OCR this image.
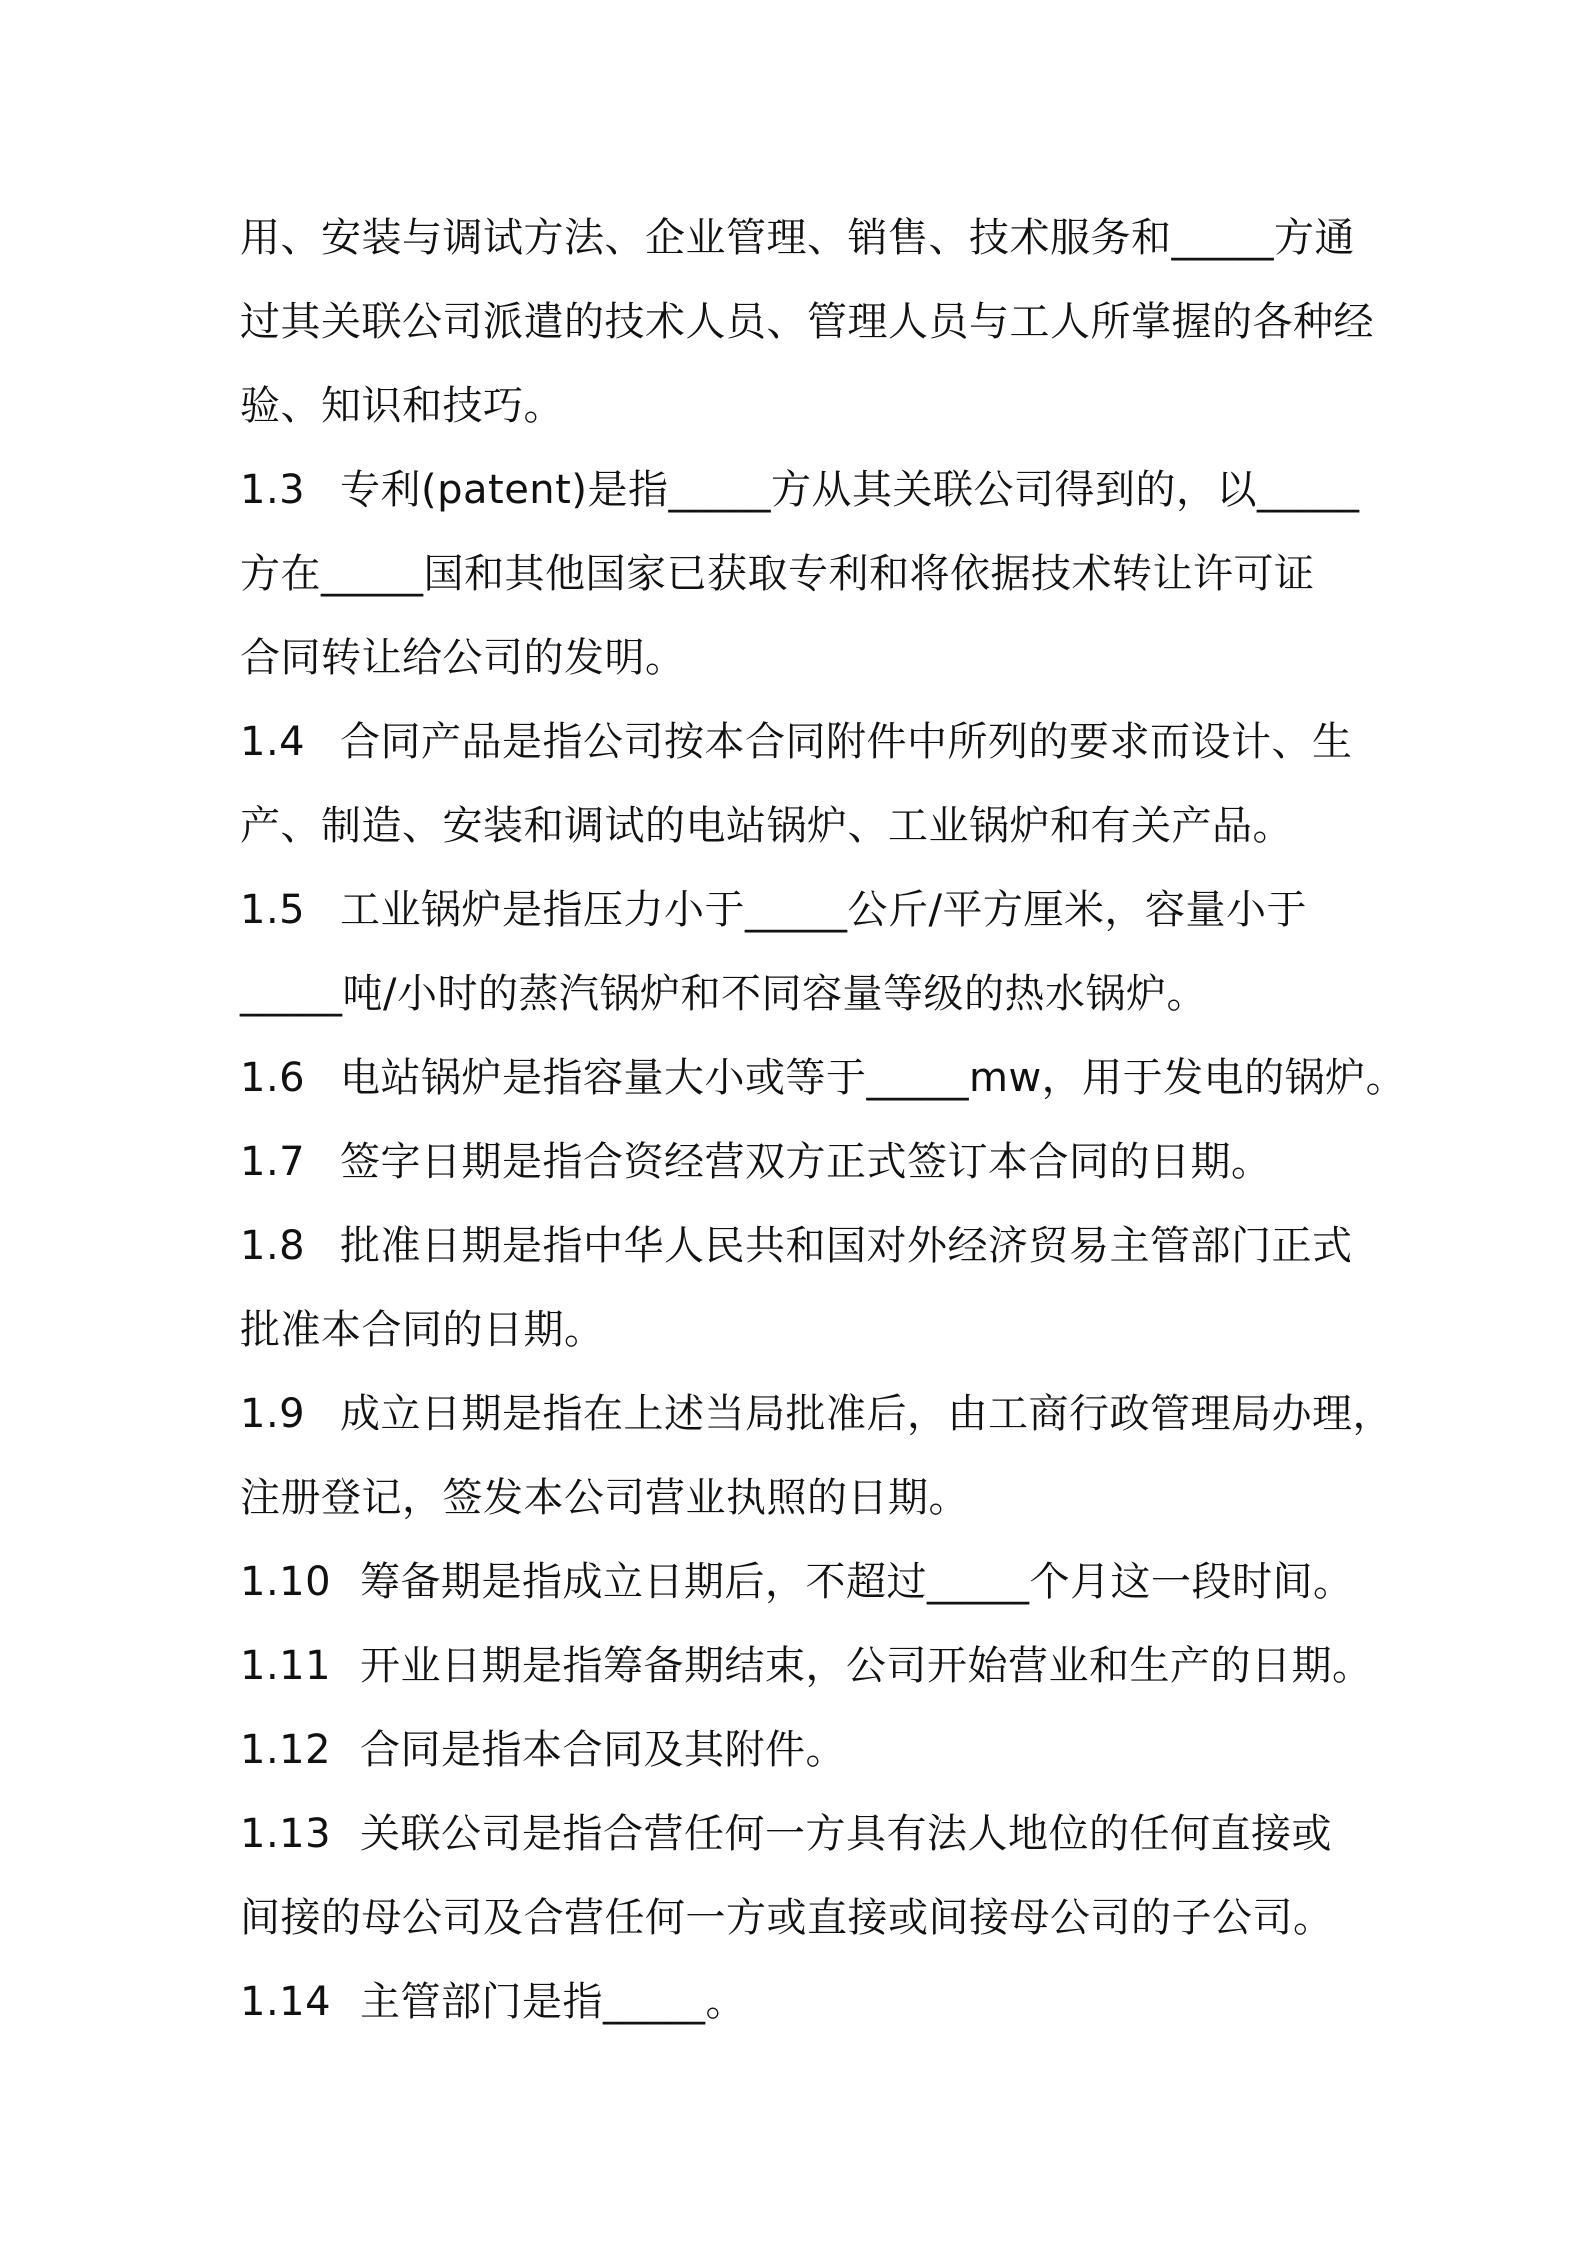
用、安装与调试方法、企业管理、销售、技术服务和_____方通
过其关联公司派遣的技术人员、管理人员与工人所掌握的各种经
验、知识和技巧。
1.3 专利(patent)是指_____方从其关联公司得到的，以_____
方在_____国和其他国家已获取专利和将依据技术转让许可证
合同转让给公司的发明。
1.4 合同产品是指公司按本合同附件中所列的要求而设计、生
产、制造、安装和调试的电站锅炉、工业锅炉和有关产品。
1.5 工业锅炉是指压力小于_____公斤/平方厘米，容量小于
_____吨/小时的蒸汽锅炉和不同容量等级的热水锅炉。
1.6 电站锅炉是指容量大小或等于_____mw，用于发电的锅炉。
1.7 签字日期是指合资经营双方正式签订本合同的日期。
1.8 批准日期是指中华人民共和国对外经济贸易主管部门正式
批准本合同的日期。
1.9 成立日期是指在上述当局批准后，由工商行政管理局办理，
注册登记，签发本公司营业执照的日期。
1.10 筹备期是指成立日期后，不超过_____个月这一段时间。
1.11 开业日期是指筹备期结束，公司开始营业和生产的日期。
1.12 合同是指本合同及其附件。
1.13 关联公司是指合营任何一方具有法人地位的任何直接或
间接的母公司及合营任何一方或直接或间接母公司的子公司。
1.14 主管部门是指_____。
